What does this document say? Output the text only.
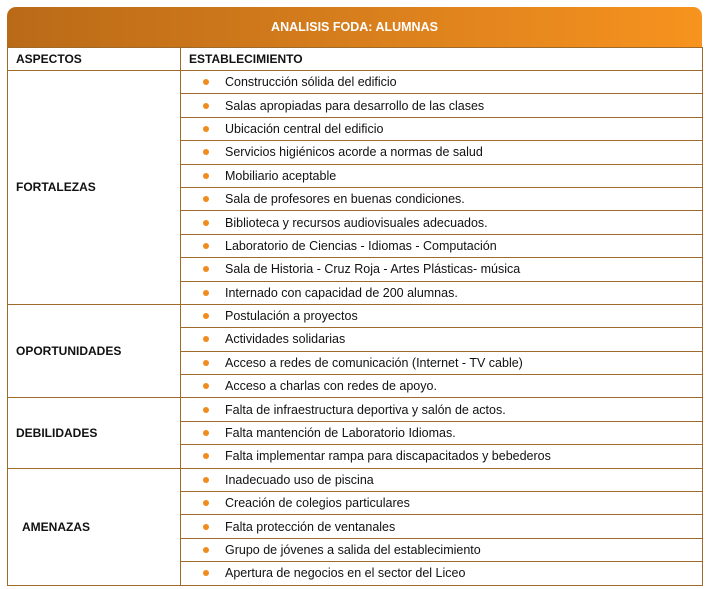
ANALISIS FODA: ALUMNAS
ASPECTOS	ESTABLECIMIENTO
FORTALEZAS	Construcción sólida del edificio

	Salas apropiadas para desarrollo de las clases

	Ubicación central del edificio

	Servicios higiénicos acorde a normas de salud

	Mobiliario aceptable

	Sala de profesores en buenas condiciones.

	Biblioteca y recursos audiovisuales adecuados.

	Laboratorio de Ciencias - Idiomas - Computación

	Sala de Historia - Cruz Roja - Artes Plásticas- música

	Internado con capacidad de 200 alumnas.

OPORTUNIDADES	Postulación a proyectos

	Actividades solidarias

	Acceso a redes de comunicación (Internet - TV cable)

	Acceso a charlas con redes de apoyo.

DEBILIDADES	Falta de infraestructura deportiva y salón de actos.

	Falta mantención de Laboratorio Idiomas.

	Falta implementar rampa para discapacitados y bebederos

AMENAZAS	Inadecuado uso de piscina

	Creación de colegios particulares

	Falta protección de ventanales

	Grupo de jóvenes a salida del establecimiento

	Apertura de negocios en el sector del Liceo
